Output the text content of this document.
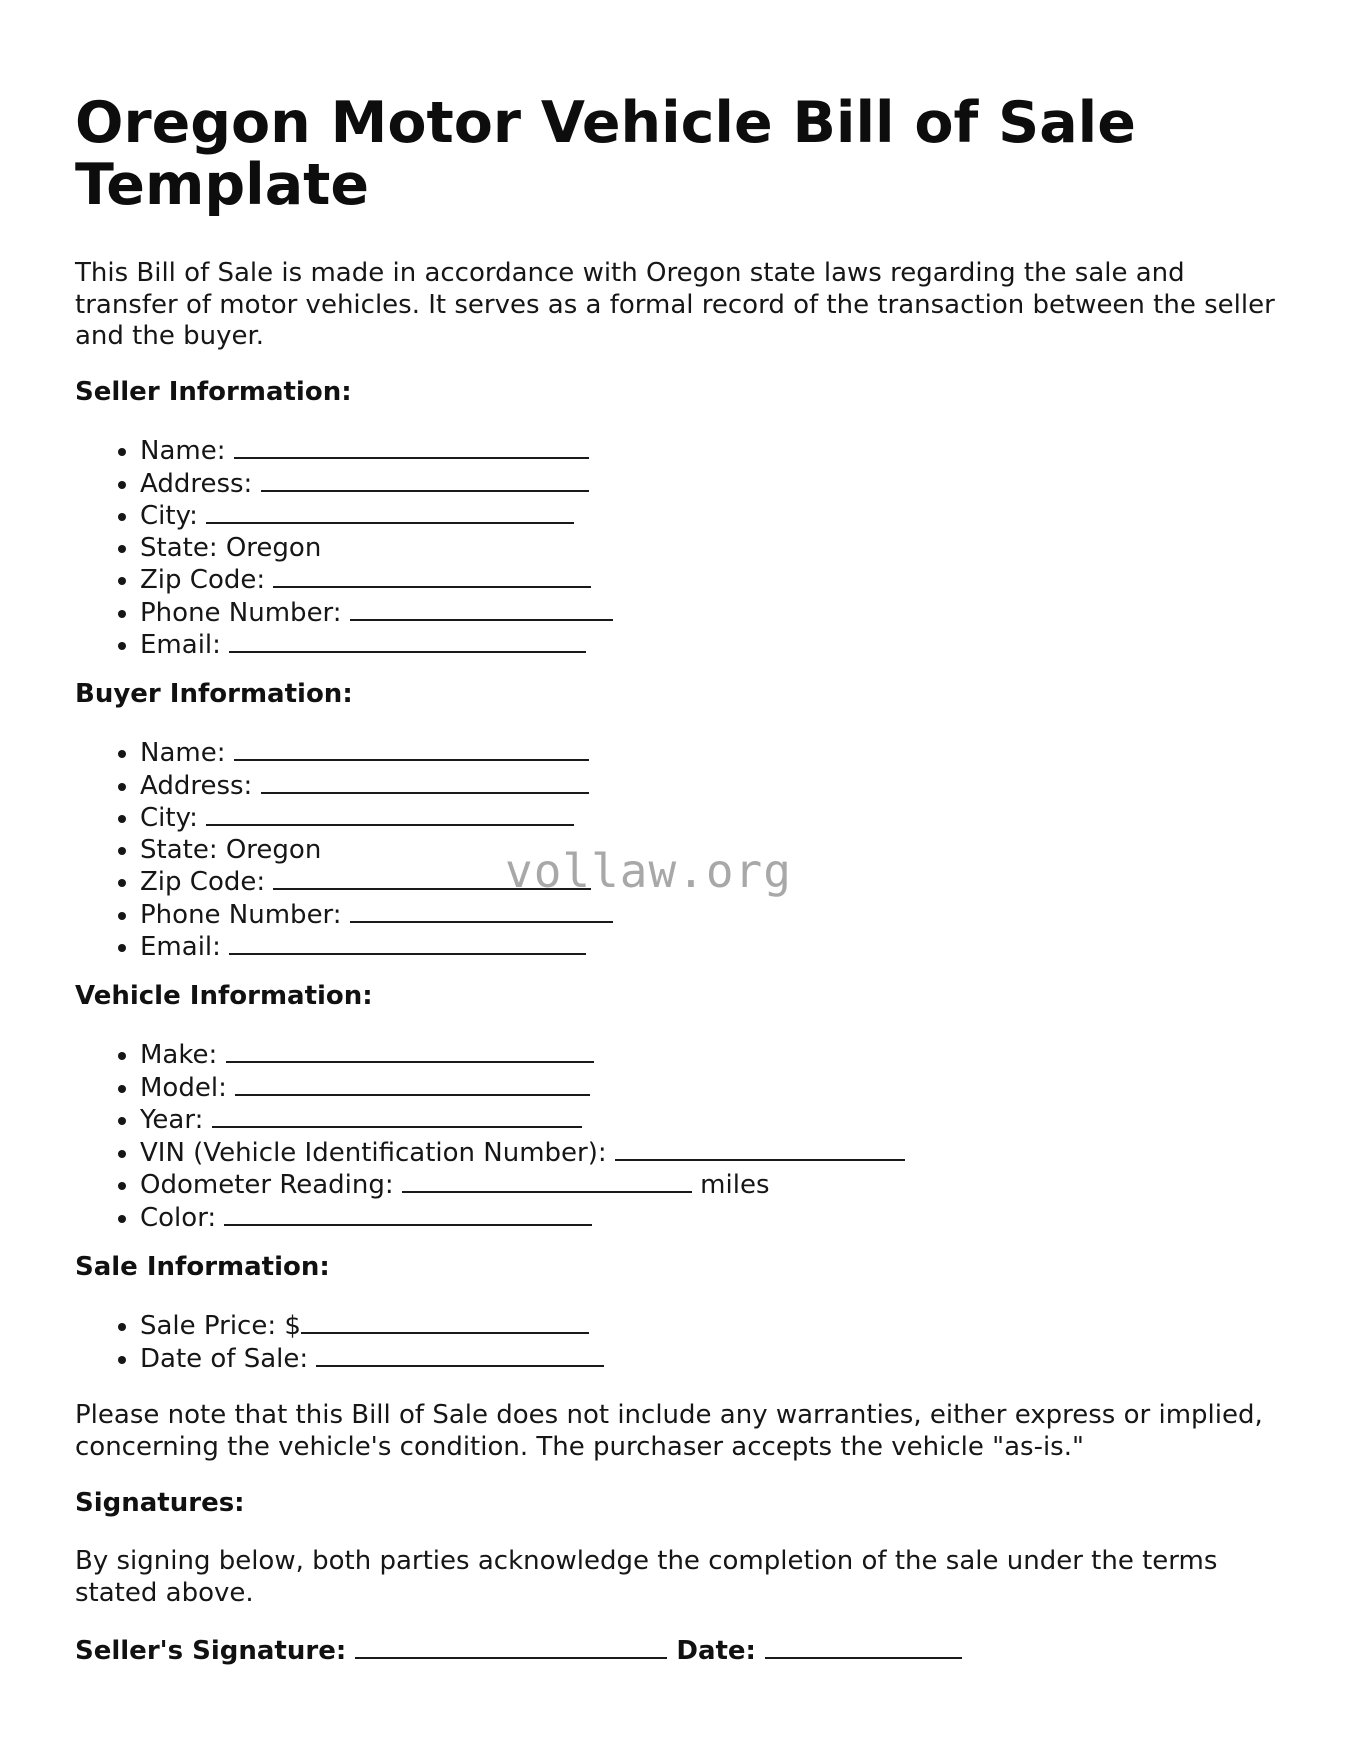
Oregon Motor Vehicle Bill of Sale Template

This Bill of Sale is made in accordance with Oregon state laws regarding the sale and transfer of motor vehicles. It serves as a formal record of the transaction between the seller and the buyer.

Seller Information:

• Name:
• Address:
• City:
• State: Oregon
• Zip Code:
• Phone Number:
• Email:

Buyer Information:

• Name:
• Address:
• City:
• State: Oregon
• Zip Code:
• Phone Number:
• Email:

Vehicle Information:

• Make:
• Model:
• Year:
• VIN (Vehicle Identification Number):
• Odometer Reading:	miles
• Color:

Sale Information:

• Sale Price: $
• Date of Sale:

Please note that this Bill of Sale does not include any warranties, either express or implied, concerning the vehicle's condition. The purchaser accepts the vehicle "as-is."

Signatures:

By signing below, both parties acknowledge the completion of the sale under the terms stated above.

Seller's Signature:	Date:

vollaw.org
